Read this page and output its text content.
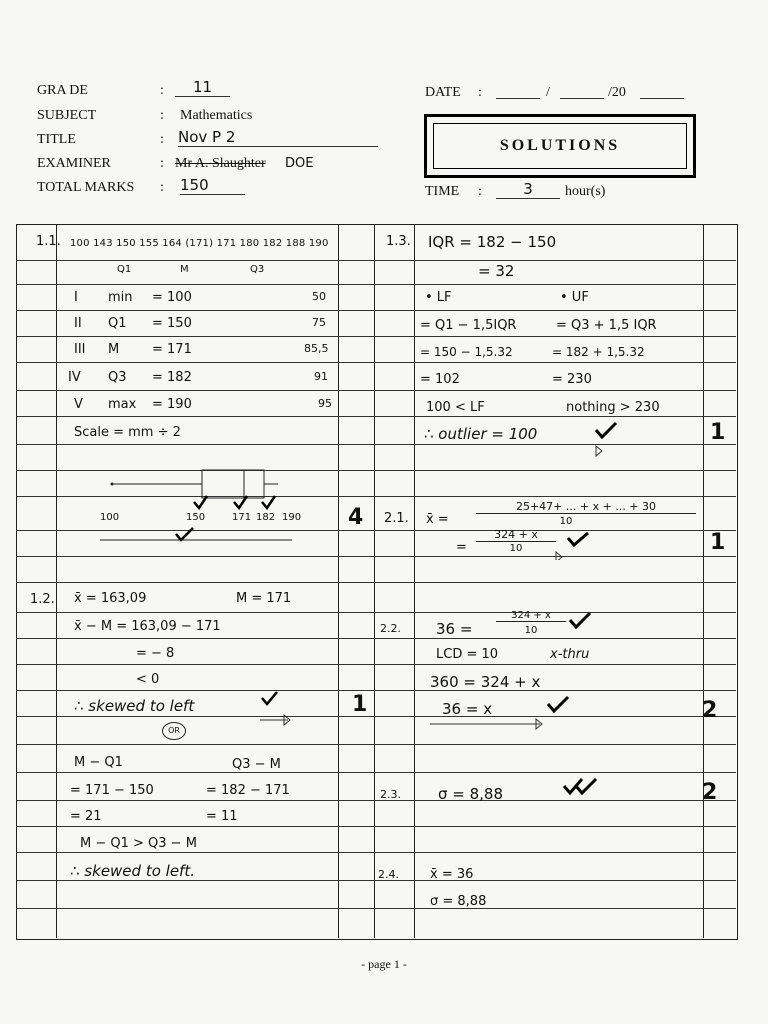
GRA DE	:	11
SUBJECT	: Mathematics
TITLE	: Nov P 2
EXAMINER	: Mr A. Slaughter DOE
TOTAL MARKS : 150
DATE :	/	/20
SOLUTIONS
TIME :	3	hour(s)
1.1. 100 143 150 155 164 (171) 171 180 182 188 190
Q1	M	Q3
I min = 100	50
II Q1 = 150	75
III M	= 171	85,5
IV Q3 = 182	91
V max = 190	95
Scale = mm ÷ 2
100	150	171 182 190 4
1.2. x̄ = 163,09	M = 171
x̄ − M = 163,09 − 171
= − 8
< 0
∴ skewed to left
OR
1
M − Q1	Q3 − M
= 171 − 150	= 182 − 171
= 21	= 11
M − Q1 > Q3 − M
∴ skewed to left.
1.3. IQR = 182 − 150
= 32
• LF	• UF
= Q1 − 1,5IQR	= Q3 + 1,5 IQR
= 150 − 1,5.32	= 182 + 1,5.32
= 102	= 230
100 < LF	nothing > 230
∴ outlier = 100	1
2.1. x̄ =
25+47+ ... + x + ... + 30
10
=
324 + x
10	1
2.2. 36 =
324 + x
10
LCD = 10	x-thru
360 = 324 + x
36 = x	2
2.3. σ = 8,88	2
2.4. x̄ = 36
σ = 8,88
- page 1 -
